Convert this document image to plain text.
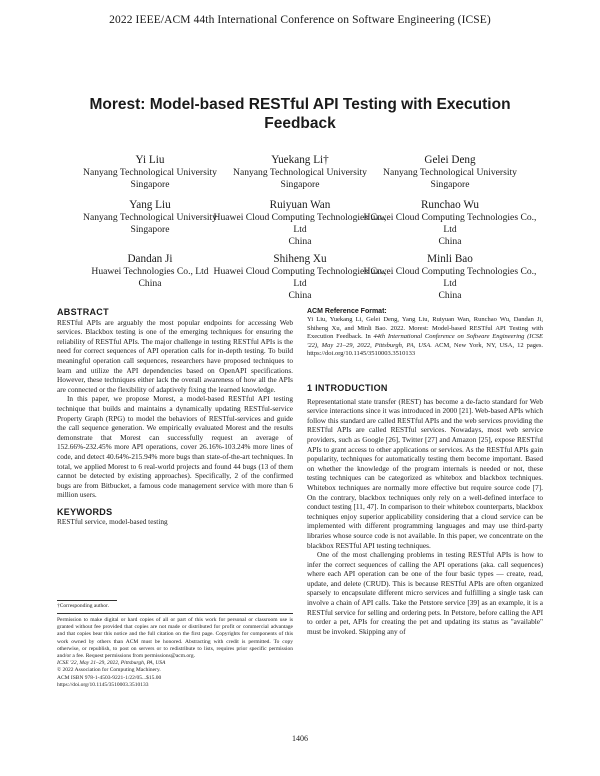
2022 IEEE/ACM 44th International Conference on Software Engineering (ICSE)
Morest: Model-based RESTful API Testing with Execution Feedback
Yi Liu
Nanyang Technological University
Singapore
Yuekang Li†
Nanyang Technological University
Singapore
Gelei Deng
Nanyang Technological University
Singapore
Yang Liu
Nanyang Technological University
Singapore
Ruiyuan Wan
Huawei Cloud Computing Technologies Co., Ltd
China
Runchao Wu
Huawei Cloud Computing Technologies Co., Ltd
China
Dandan Ji
Huawei Technologies Co., Ltd
China
Shiheng Xu
Huawei Cloud Computing Technologies Co., Ltd
China
Minli Bao
Huawei Cloud Computing Technologies Co., Ltd
China
ABSTRACT

RESTful APIs are arguably the most popular endpoints for accessing Web services. Blackbox testing is one of the emerging techniques for ensuring the reliability of RESTful APIs. The major challenge in testing RESTful APIs is the need for correct sequences of API operation calls for in-depth testing. To build meaningful operation call sequences, researchers have proposed techniques to learn and utilize the API dependencies based on OpenAPI specifications. However, these techniques either lack the overall awareness of how all the APIs are connected or the flexibility of adaptively fixing the learned knowledge.

In this paper, we propose Morest, a model-based RESTful API testing technique that builds and maintains a dynamically updating RESTful-service Property Graph (RPG) to model the behaviors of RESTful-services and guide the call sequence generation. We empirically evaluated Morest and the results demonstrate that Morest can successfully request an average of 152.66%-232.45% more API operations, cover 26.16%-103.24% more lines of code, and detect 40.64%-215.94% more bugs than state-of-the-art techniques. In total, we applied Morest to 6 real-world projects and found 44 bugs (13 of them cannot be detected by existing approaches). Specifically, 2 of the confirmed bugs are from Bitbucket, a famous code management service with more than 6 million users.

KEYWORDS

RESTful service, model-based testing

†Corresponding author.

Permission to make digital or hard copies of all or part of this work for personal or classroom use is granted without fee provided that copies are not made or distributed for profit or commercial advantage and that copies bear this notice and the full citation on the first page. Copyrights for components of this work owned by others than ACM must be honored. Abstracting with credit is permitted. To copy otherwise, or republish, to post on servers or to redistribute to lists, requires prior specific permission and/or a fee. Request permissions from permissions@acm.org.

ICSE '22, May 21–29, 2022, Pittsburgh, PA, USA

© 2022 Association for Computing Machinery.

ACM ISBN 978-1-4503-9221-1/22/05...$15.00

https://doi.org/10.1145/3510003.3510133

ACM Reference Format:
Yi Liu, Yuekang Li, Gelei Deng, Yang Liu, Ruiyuan Wan, Runchao Wu, Dandan Ji, Shiheng Xu, and Minli Bao. 2022. Morest: Model-based RESTful API Testing with Execution Feedback. In 44th International Conference on Software Engineering (ICSE '22), May 21–29, 2022, Pittsburgh, PA, USA. ACM, New York, NY, USA, 12 pages. https://doi.org/10.1145/3510003.3510133
1 INTRODUCTION

Representational state transfer (REST) has become a de-facto standard for Web service interactions since it was introduced in 2000 [21]. Web-based APIs which follow this standard are called RESTful APIs and the web services providing the RESTful APIs are called RESTful services. Nowadays, most web service providers, such as Google [26], Twitter [27] and Amazon [25], expose RESTful APIs to grant access to other applications or services. As the RESTful APIs gain popularity, techniques for automatically testing them become important. Based on whether the knowledge of the program internals is needed or not, these testing techniques can be categorized as whitebox and blackbox techniques. Whitebox techniques are normally more effective but require source code [7]. On the contrary, blackbox techniques only rely on a well-defined interface to conduct testing [11, 47]. In comparison to their whitebox counterparts, blackbox techniques enjoy superior applicability considering that a cloud service can be implemented with different programming languages and may use third-party libraries whose source code is not available. In this paper, we concentrate on the blackbox RESTful API testing techniques.

One of the most challenging problems in testing RESTful APIs is how to infer the correct sequences of calling the API operations (aka. call sequences) where each API operation can be one of the four basic types — create, read, update, and delete (CRUD). This is because RESTful APIs are often organized sparsely to encapsulate different micro services and fulfilling a single task can involve a chain of API calls. Take the Petstore service [39] as an example, it is a RESTful service for selling and ordering pets. In Petstore, before calling the API to order a pet, APIs for creating the pet and updating its status as "available" must be invoked. Skipping any of

1406
